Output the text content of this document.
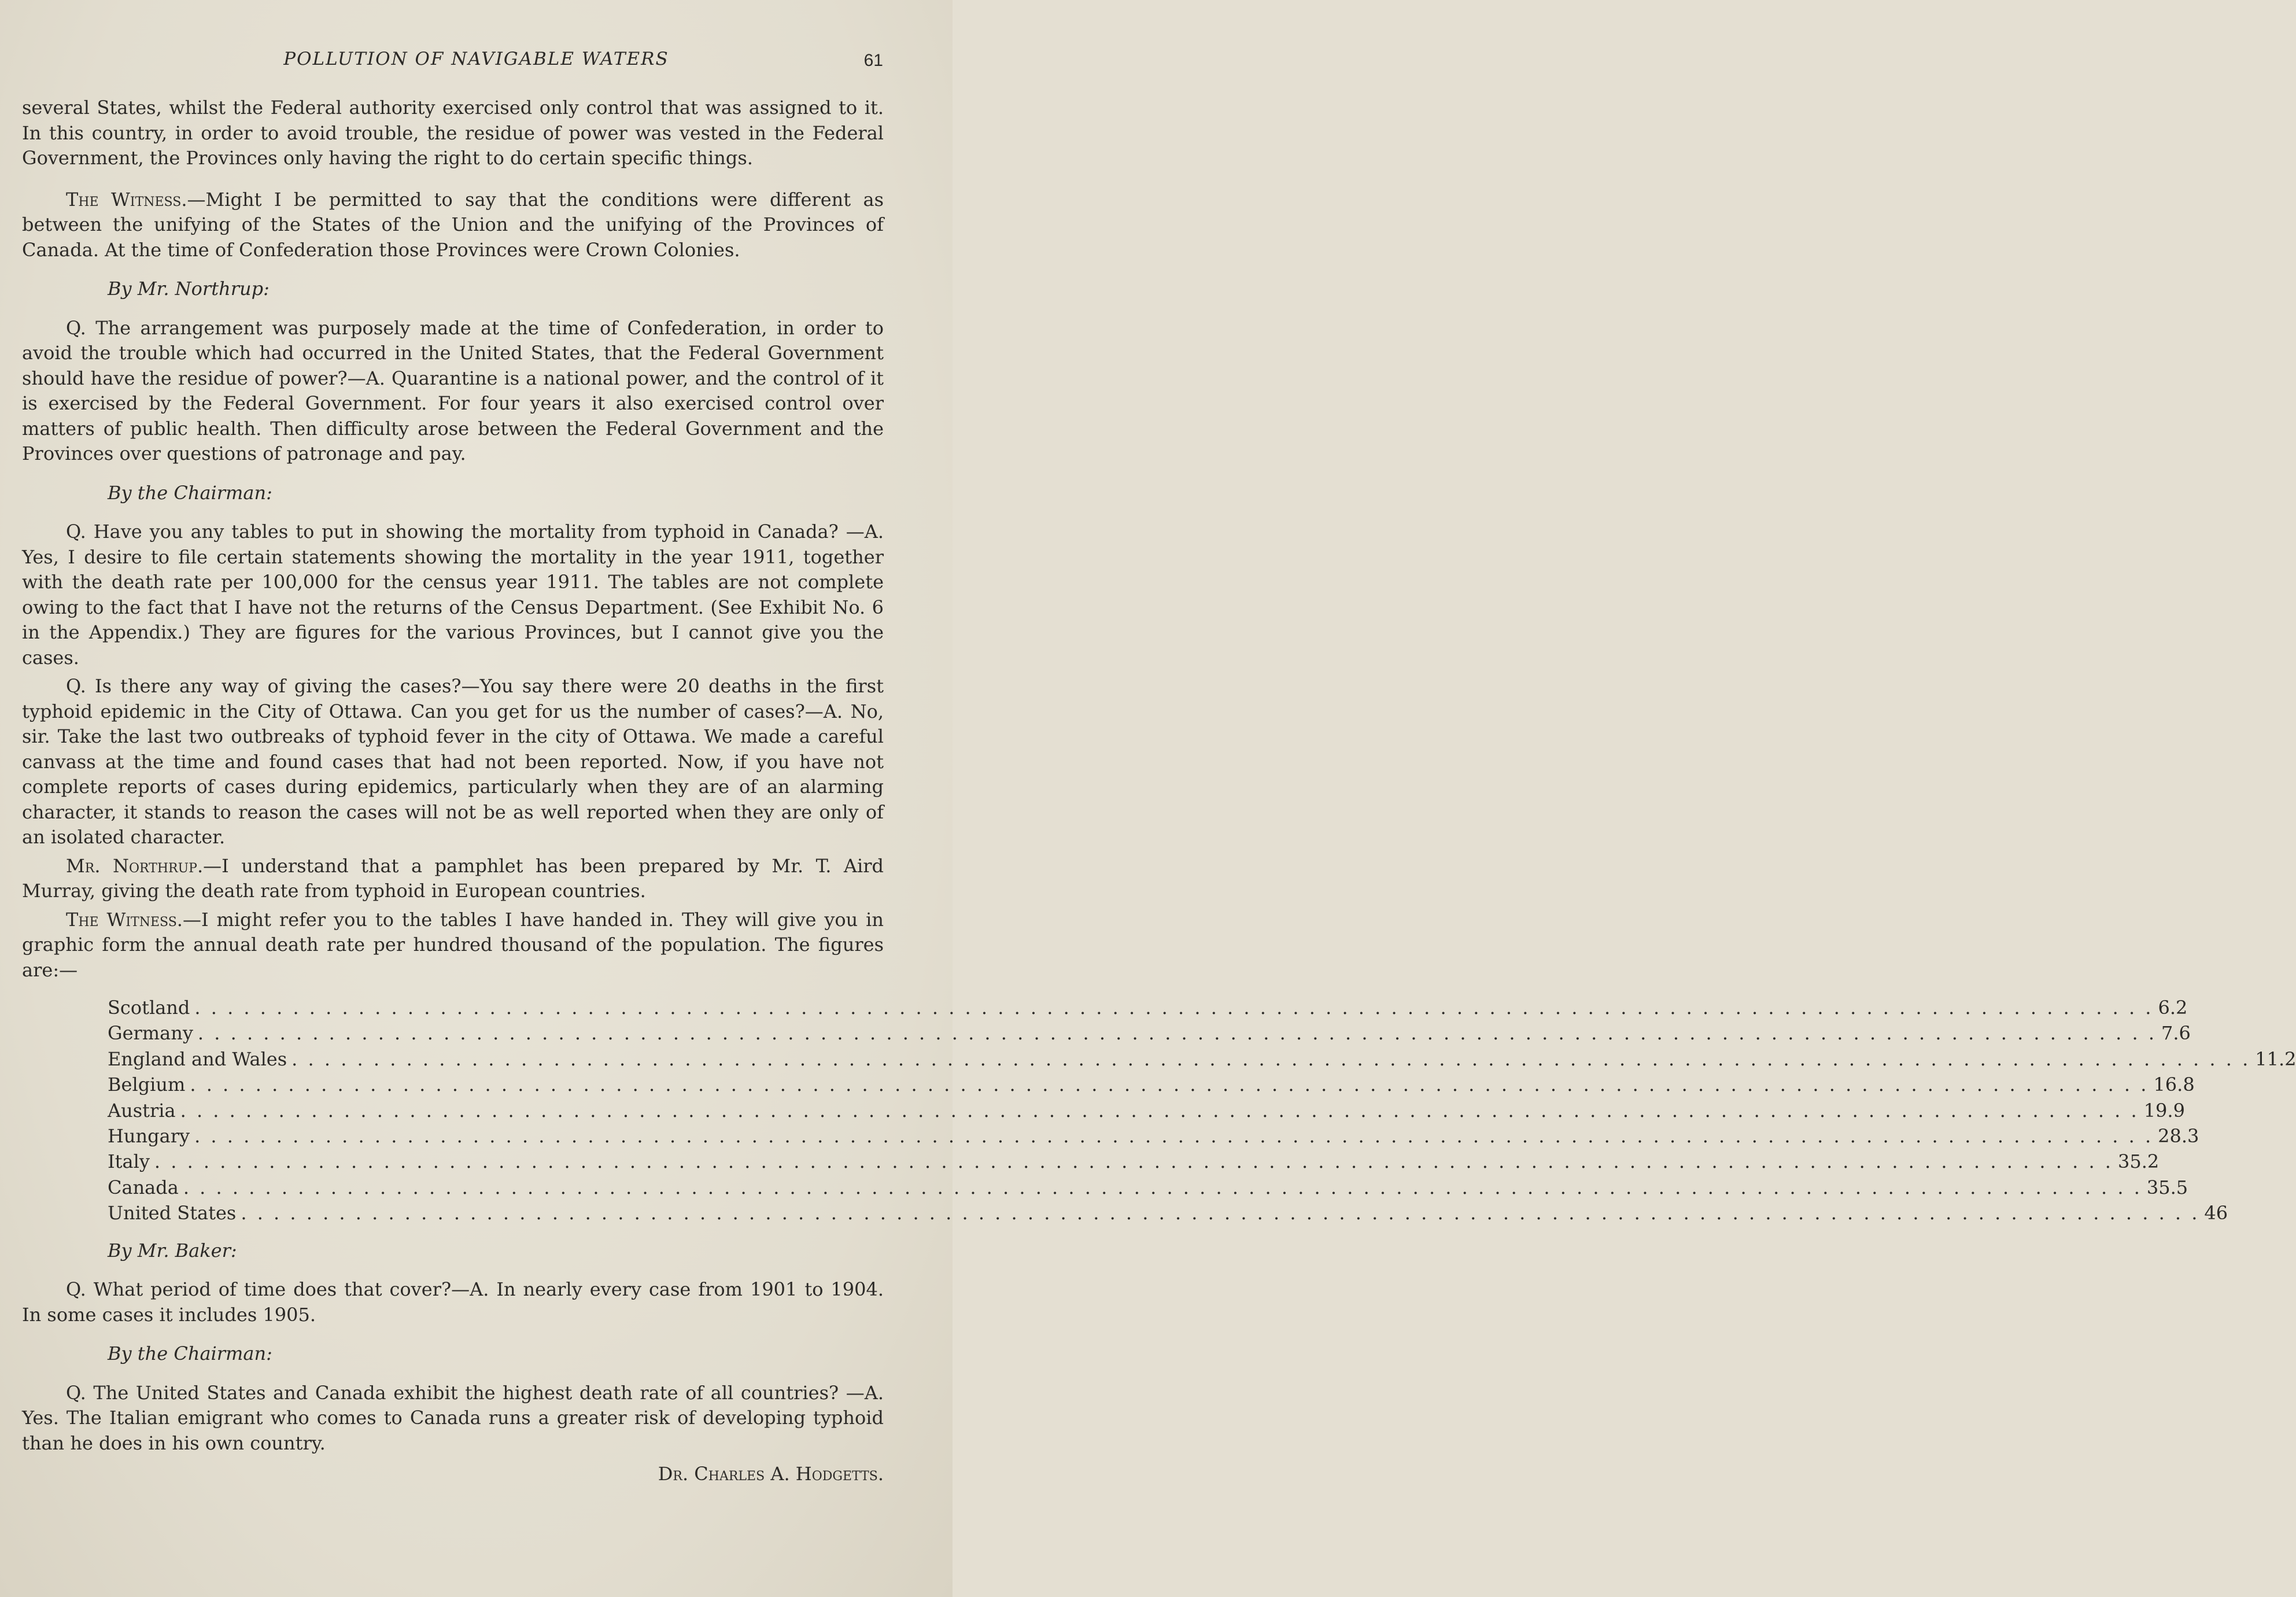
POLLUTION OF NAVIGABLE WATERS	61

several States, whilst the Federal authority exercised only control that was assigned to it. In this country, in order to avoid trouble, the residue of power was vested in the Federal Government, the Provinces only having the right to do certain specific things.

The Witness.—Might I be permitted to say that the conditions were different as between the unifying of the States of the Union and the unifying of the Provinces of Canada. At the time of Confederation those Provinces were Crown Colonies.

By Mr. Northrup:

Q. The arrangement was purposely made at the time of Confederation, in order to avoid the trouble which had occurred in the United States, that the Federal Government should have the residue of power?—A. Quarantine is a national power, and the control of it is exercised by the Federal Government. For four years it also exercised control over matters of public health. Then difficulty arose between the Federal Government and the Provinces over questions of patronage and pay.

By the Chairman:

Q. Have you any tables to put in showing the mortality from typhoid in Canada? —A. Yes, I desire to file certain statements showing the mortality in the year 1911, together with the death rate per 100,000 for the census year 1911. The tables are not complete owing to the fact that I have not the returns of the Census Department. (See Exhibit No. 6 in the Appendix.) They are figures for the various Provinces, but I cannot give you the cases.

Q. Is there any way of giving the cases?—You say there were 20 deaths in the first typhoid epidemic in the City of Ottawa. Can you get for us the number of cases?—A. No, sir. Take the last two outbreaks of typhoid fever in the city of Ottawa. We made a careful canvass at the time and found cases that had not been reported. Now, if you have not complete reports of cases during epidemics, particularly when they are of an alarming character, it stands to reason the cases will not be as well reported when they are only of an isolated character.

Mr. Northrup.—I understand that a pamphlet has been prepared by Mr. T. Aird Murray, giving the death rate from typhoid in European countries.

The Witness.—I might refer you to the tables I have handed in. They will give you in graphic form the annual death rate per hundred thousand of the population. The figures are:—

Scotland . . . . . . . . . . . . . . . . . . . . . . . . . . . . . . . . . . . . . . . . . . . . . . . . . . . . . . . . . . . . . . . . . . . . . . . . . . . . . . . . . . . . . . . . . . . . . . . . . . . . . . . . . . . . . . . . . . . . . . . . 6.2
Germany . . . . . . . . . . . . . . . . . . . . . . . . . . . . . . . . . . . . . . . . . . . . . . . . . . . . . . . . . . . . . . . . . . . . . . . . . . . . . . . . . . . . . . . . . . . . . . . . . . . . . . . . . . . . . . . . . . . . . . . . 7.6
England and Wales . . . . . . . . . . . . . . . . . . . . . . . . . . . . . . . . . . . . . . . . . . . . . . . . . . . . . . . . . . . . . . . . . . . . . . . . . . . . . . . . . . . . . . . . . . . . . . . . . . . . . . . . . . . . . . . . . . . . . . . . 11.2
Belgium . . . . . . . . . . . . . . . . . . . . . . . . . . . . . . . . . . . . . . . . . . . . . . . . . . . . . . . . . . . . . . . . . . . . . . . . . . . . . . . . . . . . . . . . . . . . . . . . . . . . . . . . . . . . . . . . . . . . . . . . 16.8
Austria . . . . . . . . . . . . . . . . . . . . . . . . . . . . . . . . . . . . . . . . . . . . . . . . . . . . . . . . . . . . . . . . . . . . . . . . . . . . . . . . . . . . . . . . . . . . . . . . . . . . . . . . . . . . . . . . . . . . . . . . 19.9
Hungary . . . . . . . . . . . . . . . . . . . . . . . . . . . . . . . . . . . . . . . . . . . . . . . . . . . . . . . . . . . . . . . . . . . . . . . . . . . . . . . . . . . . . . . . . . . . . . . . . . . . . . . . . . . . . . . . . . . . . . . . 28.3
Italy . . . . . . . . . . . . . . . . . . . . . . . . . . . . . . . . . . . . . . . . . . . . . . . . . . . . . . . . . . . . . . . . . . . . . . . . . . . . . . . . . . . . . . . . . . . . . . . . . . . . . . . . . . . . . . . . . . . . . . . . 35.2
Canada . . . . . . . . . . . . . . . . . . . . . . . . . . . . . . . . . . . . . . . . . . . . . . . . . . . . . . . . . . . . . . . . . . . . . . . . . . . . . . . . . . . . . . . . . . . . . . . . . . . . . . . . . . . . . . . . . . . . . . . . 35.5
United States . . . . . . . . . . . . . . . . . . . . . . . . . . . . . . . . . . . . . . . . . . . . . . . . . . . . . . . . . . . . . . . . . . . . . . . . . . . . . . . . . . . . . . . . . . . . . . . . . . . . . . . . . . . . . . . . . . . . . . . . 46
By Mr. Baker:

Q. What period of time does that cover?—A. In nearly every case from 1901 to 1904. In some cases it includes 1905.

By the Chairman:

Q. The United States and Canada exhibit the highest death rate of all countries? —A. Yes. The Italian emigrant who comes to Canada runs a greater risk of developing typhoid than he does in his own country.

Dr. Charles A. Hodgetts.
